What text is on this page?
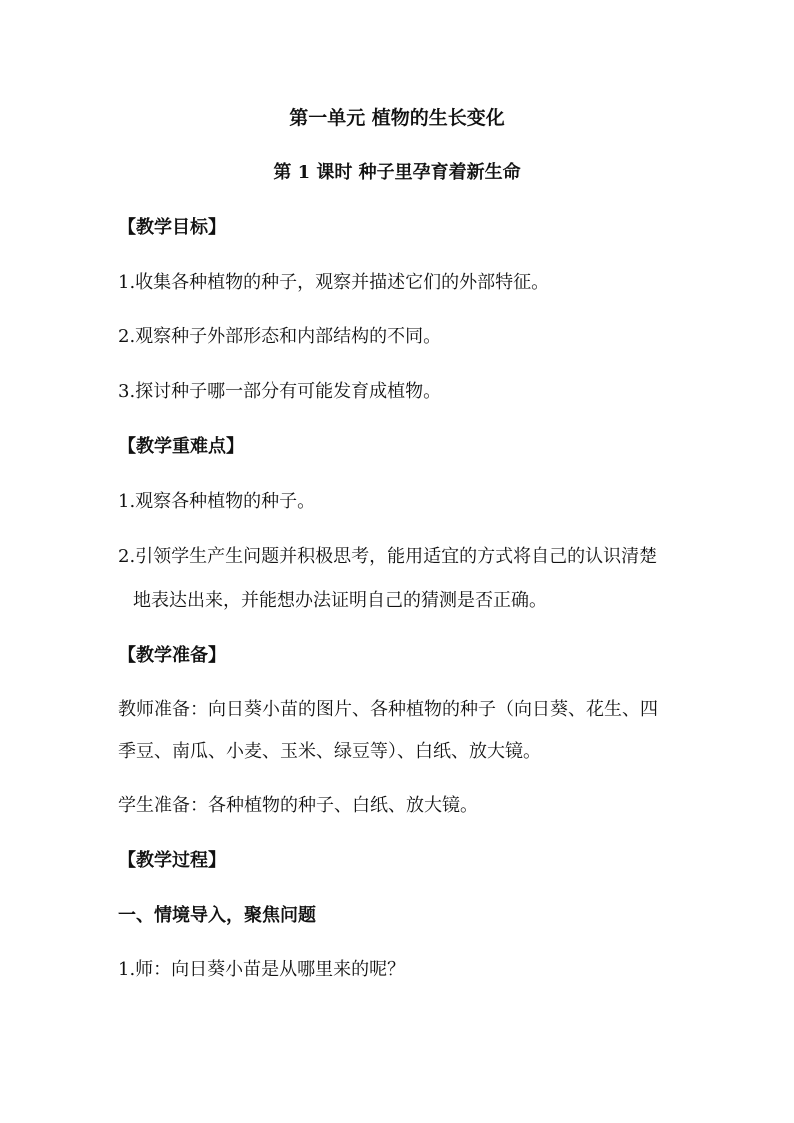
第一单元 植物的生长变化
第 1 课时 种子里孕育着新生命
【教学目标】
1.收集各种植物的种子，观察并描述它们的外部特征。
2.观察种子外部形态和内部结构的不同。
3.探讨种子哪一部分有可能发育成植物。
【教学重难点】
1.观察各种植物的种子。
2.引领学生产生问题并积极思考，能用适宜的方式将自己的认识清楚
地表达出来，并能想办法证明自己的猜测是否正确。
【教学准备】
教师准备：向日葵小苗的图片、各种植物的种子（向日葵、花生、四
季豆、南瓜、小麦、玉米、绿豆等）、白纸、放大镜。
学生准备：各种植物的种子、白纸、放大镜。
【教学过程】
一、情境导入，聚焦问题
1.师：向日葵小苗是从哪里来的呢？
